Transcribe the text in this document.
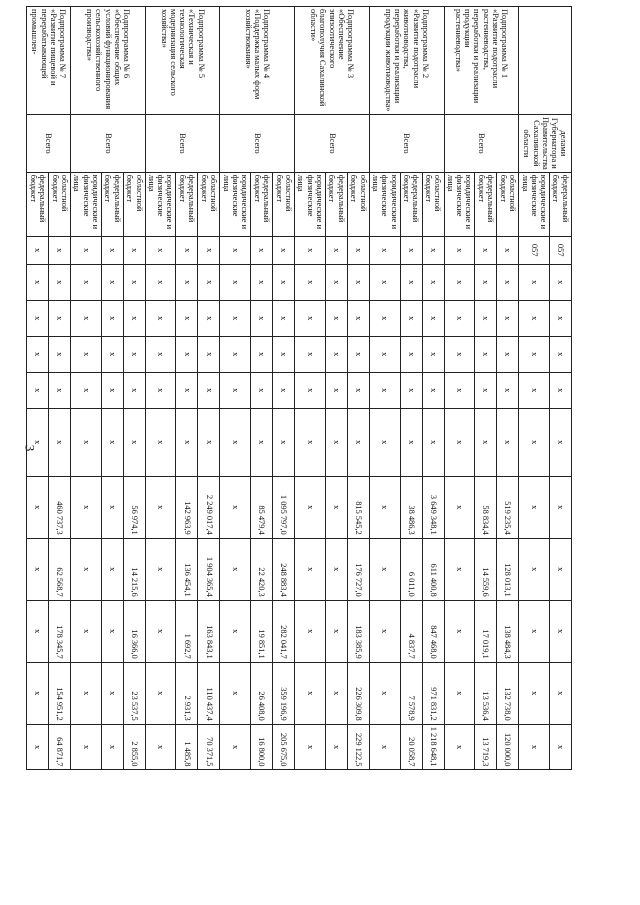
3
	делами Губернатора и Правительства Сахалинской области	федеральный бюджет	057	х	х	х	х	х	х	х	х	х	х
		юридические и физические лица	057	х	х	х	х	х	х	х	х	х	х
Подпрограмма № 1 «Развитие подотрасли растениеводства, переработки и реализации продукции растениеводства»	Всего	областной бюджет	х	х	х	х	х	х	519 235,4	128 013,1	138 484,3	132 738,0	120 000,0
		федеральный бюджет	х	х	х	х	х	х	58 834,4	14 559,6	17 019,1	13 536,4	13 719,3
		юридические и физические лица	х	х	х	х	х	х	х	х	х	х	х
Подпрограмма № 2 «Развитие подотрасли животноводства, переработки и реализации продукции животноводства»	Всего	областной бюджет	х	х	х	х	х	х	3 649 348,1	611 400,8	847 468,0	971 831,2	1 218 648,1
		федеральный бюджет	х	х	х	х	х	х	38 486,3	6 011,0	4 837,7	7 578,9	20 058,7
		юридические и физические лица	х	х	х	х	х	х	х	х	х	х	х
Подпрограмма № 3 «Обеспечение эпизоотического благополучия Сахалинской области»	Всего	областной бюджет	х	х	х	х	х	х	815 545,2	176 727,0	183 385,9	226 309,8	229 122,5
		федеральный бюджет	х	х	х	х	х	х	х	х	х	х	х
		юридические и физические лица	х	х	х	х	х	х	х	х	х	х	х
Подпрограмма № 4 «Поддержка малых форм хозяйствования»	Всего	областной бюджет	х	х	х	х	х	х	1 095 797,0	248 883,4	282 041,7	359 196,9	205 675,0
		федеральный бюджет	х	х	х	х	х	х	85 479,4	22 420,3	19 851,1	26 408,0	16 800,0
		юридические и физические лица	х	х	х	х	х	х	х	х	х	х	х
Подпрограмма № 5 «Техническая и технологическая модернизация сельского хозяйства»	Всего	областной бюджет	х	х	х	х	х	х	2 249 017,4	1 904 365,4	163 843,1	110 437,4	70 371,5
		федеральный бюджет	х	х	х	х	х	х	142 963,9	136 454,1	1 692,7	2 931,3	1 485,8
		юридические и физические лица	х	х	х	х	х	х	х	х	х	х	х
Подпрограмма № 6 «Обеспечение общих условий функционирования сельскохозяйственного производства»	Всего	областной бюджет	х	х	х	х	х	х	56 974,1	14 215,6	16 366,0	23 537,5	2 855,0
		федеральный бюджет	х	х	х	х	х	х	х	х	х	х	х
		юридические и физические лица	х	х	х	х	х	х	х	х	х	х	х
Подпрограмма № 7 «Развитие пищевой и перерабатывающей промышлен-	Всего	областной бюджет	х	х	х	х	х	х	460 737,3	62 568,7	178 345,7	154 951,2	64 871,7
		федеральный бюджет	х	х	х	х	х	х	х	х	х	х	х
